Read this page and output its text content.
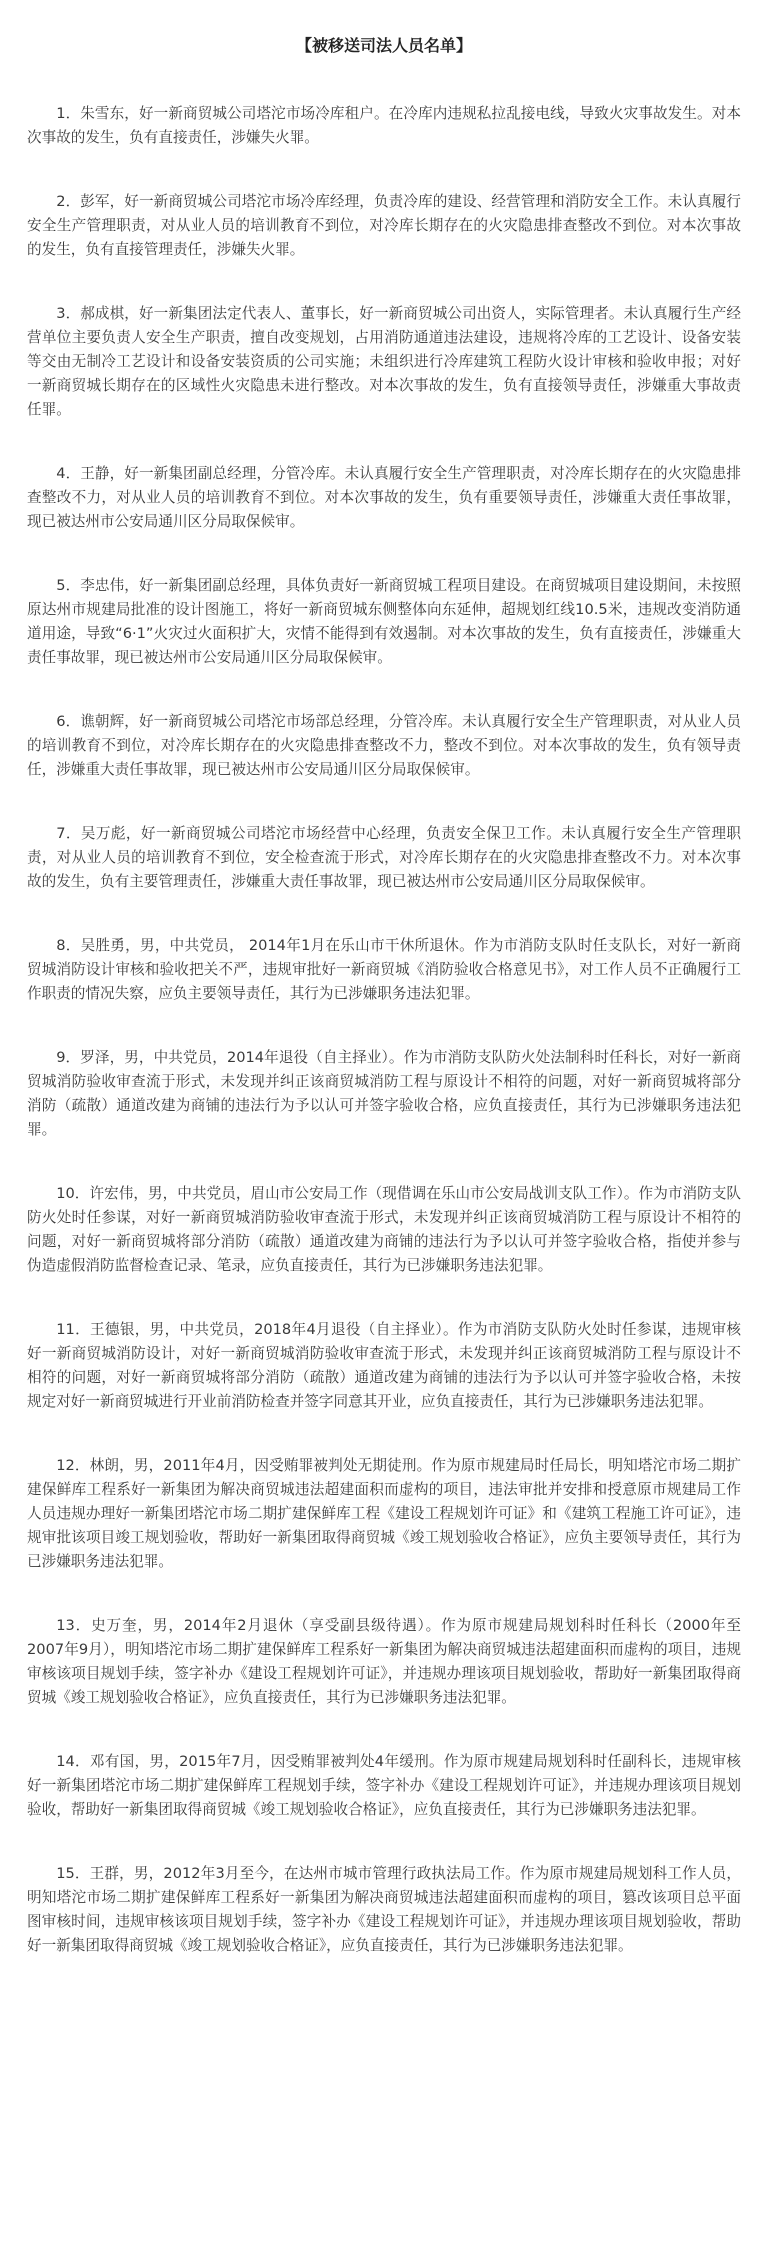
【被移送司法人员名单】

1．朱雪东，好一新商贸城公司塔沱市场冷库租户。在冷库内违规私拉乱接电线，导致火灾事故发生。对本次事故的发生，负有直接责任，涉嫌失火罪。

2．彭军，好一新商贸城公司塔沱市场冷库经理，负责冷库的建设、经营管理和消防安全工作。未认真履行安全生产管理职责，对从业人员的培训教育不到位，对冷库长期存在的火灾隐患排查整改不到位。对本次事故的发生，负有直接管理责任，涉嫌失火罪。

3．郝成棋，好一新集团法定代表人、董事长，好一新商贸城公司出资人，实际管理者。未认真履行生产经营单位主要负责人安全生产职责，擅自改变规划，占用消防通道违法建设，违规将冷库的工艺设计、设备安装等交由无制冷工艺设计和设备安装资质的公司实施；未组织进行冷库建筑工程防火设计审核和验收申报；对好一新商贸城长期存在的区域性火灾隐患未进行整改。对本次事故的发生，负有直接领导责任，涉嫌重大事故责任罪。

4．王静，好一新集团副总经理，分管冷库。未认真履行安全生产管理职责，对冷库长期存在的火灾隐患排查整改不力，对从业人员的培训教育不到位。对本次事故的发生，负有重要领导责任，涉嫌重大责任事故罪，现已被达州市公安局通川区分局取保候审。

5．李忠伟，好一新集团副总经理，具体负责好一新商贸城工程项目建设。在商贸城项目建设期间，未按照原达州市规建局批准的设计图施工，将好一新商贸城东侧整体向东延伸，超规划红线10.5米，违规改变消防通道用途，导致“6·1”火灾过火面积扩大，灾情不能得到有效遏制。对本次事故的发生，负有直接责任，涉嫌重大责任事故罪，现已被达州市公安局通川区分局取保候审。

6．谯朝辉，好一新商贸城公司塔沱市场部总经理，分管冷库。未认真履行安全生产管理职责，对从业人员的培训教育不到位，对冷库长期存在的火灾隐患排查整改不力，整改不到位。对本次事故的发生，负有领导责任，涉嫌重大责任事故罪，现已被达州市公安局通川区分局取保候审。

7．吴万彪，好一新商贸城公司塔沱市场经营中心经理，负责安全保卫工作。未认真履行安全生产管理职责，对从业人员的培训教育不到位，安全检查流于形式，对冷库长期存在的火灾隐患排查整改不力。对本次事故的发生，负有主要管理责任，涉嫌重大责任事故罪，现已被达州市公安局通川区分局取保候审。

8．吴胜勇，男，中共党员， 2014年1月在乐山市干休所退休。作为市消防支队时任支队长，对好一新商贸城消防设计审核和验收把关不严，违规审批好一新商贸城《消防验收合格意见书》，对工作人员不正确履行工作职责的情况失察，应负主要领导责任，其行为已涉嫌职务违法犯罪。

9．罗泽，男，中共党员，2014年退役（自主择业）。作为市消防支队防火处法制科时任科长，对好一新商贸城消防验收审查流于形式，未发现并纠正该商贸城消防工程与原设计不相符的问题，对好一新商贸城将部分消防（疏散）通道改建为商铺的违法行为予以认可并签字验收合格，应负直接责任，其行为已涉嫌职务违法犯罪。

10．许宏伟，男，中共党员，眉山市公安局工作（现借调在乐山市公安局战训支队工作）。作为市消防支队防火处时任参谋，对好一新商贸城消防验收审查流于形式，未发现并纠正该商贸城消防工程与原设计不相符的问题，对好一新商贸城将部分消防（疏散）通道改建为商铺的违法行为予以认可并签字验收合格，指使并参与伪造虚假消防监督检查记录、笔录，应负直接责任，其行为已涉嫌职务违法犯罪。

11．王德银，男，中共党员，2018年4月退役（自主择业）。作为市消防支队防火处时任参谋，违规审核好一新商贸城消防设计，对好一新商贸城消防验收审查流于形式，未发现并纠正该商贸城消防工程与原设计不相符的问题，对好一新商贸城将部分消防（疏散）通道改建为商铺的违法行为予以认可并签字验收合格，未按规定对好一新商贸城进行开业前消防检查并签字同意其开业，应负直接责任，其行为已涉嫌职务违法犯罪。

12．林朗，男，2011年4月，因受贿罪被判处无期徒刑。作为原市规建局时任局长，明知塔沱市场二期扩建保鲜库工程系好一新集团为解决商贸城违法超建面积而虚构的项目，违法审批并安排和授意原市规建局工作人员违规办理好一新集团塔沱市场二期扩建保鲜库工程《建设工程规划许可证》和《建筑工程施工许可证》，违规审批该项目竣工规划验收，帮助好一新集团取得商贸城《竣工规划验收合格证》，应负主要领导责任，其行为已涉嫌职务违法犯罪。

13．史万奎，男，2014年2月退休（享受副县级待遇）。作为原市规建局规划科时任科长（2000年至2007年9月），明知塔沱市场二期扩建保鲜库工程系好一新集团为解决商贸城违法超建面积而虚构的项目，违规审核该项目规划手续，签字补办《建设工程规划许可证》，并违规办理该项目规划验收，帮助好一新集团取得商贸城《竣工规划验收合格证》，应负直接责任，其行为已涉嫌职务违法犯罪。

14．邓有国，男，2015年7月，因受贿罪被判处4年缓刑。作为原市规建局规划科时任副科长，违规审核好一新集团塔沱市场二期扩建保鲜库工程规划手续，签字补办《建设工程规划许可证》，并违规办理该项目规划验收，帮助好一新集团取得商贸城《竣工规划验收合格证》，应负直接责任，其行为已涉嫌职务违法犯罪。

15．王群，男，2012年3月至今，在达州市城市管理行政执法局工作。作为原市规建局规划科工作人员，明知塔沱市场二期扩建保鲜库工程系好一新集团为解决商贸城违法超建面积而虚构的项目，篡改该项目总平面图审核时间，违规审核该项目规划手续，签字补办《建设工程规划许可证》，并违规办理该项目规划验收，帮助好一新集团取得商贸城《竣工规划验收合格证》，应负直接责任，其行为已涉嫌职务违法犯罪。
